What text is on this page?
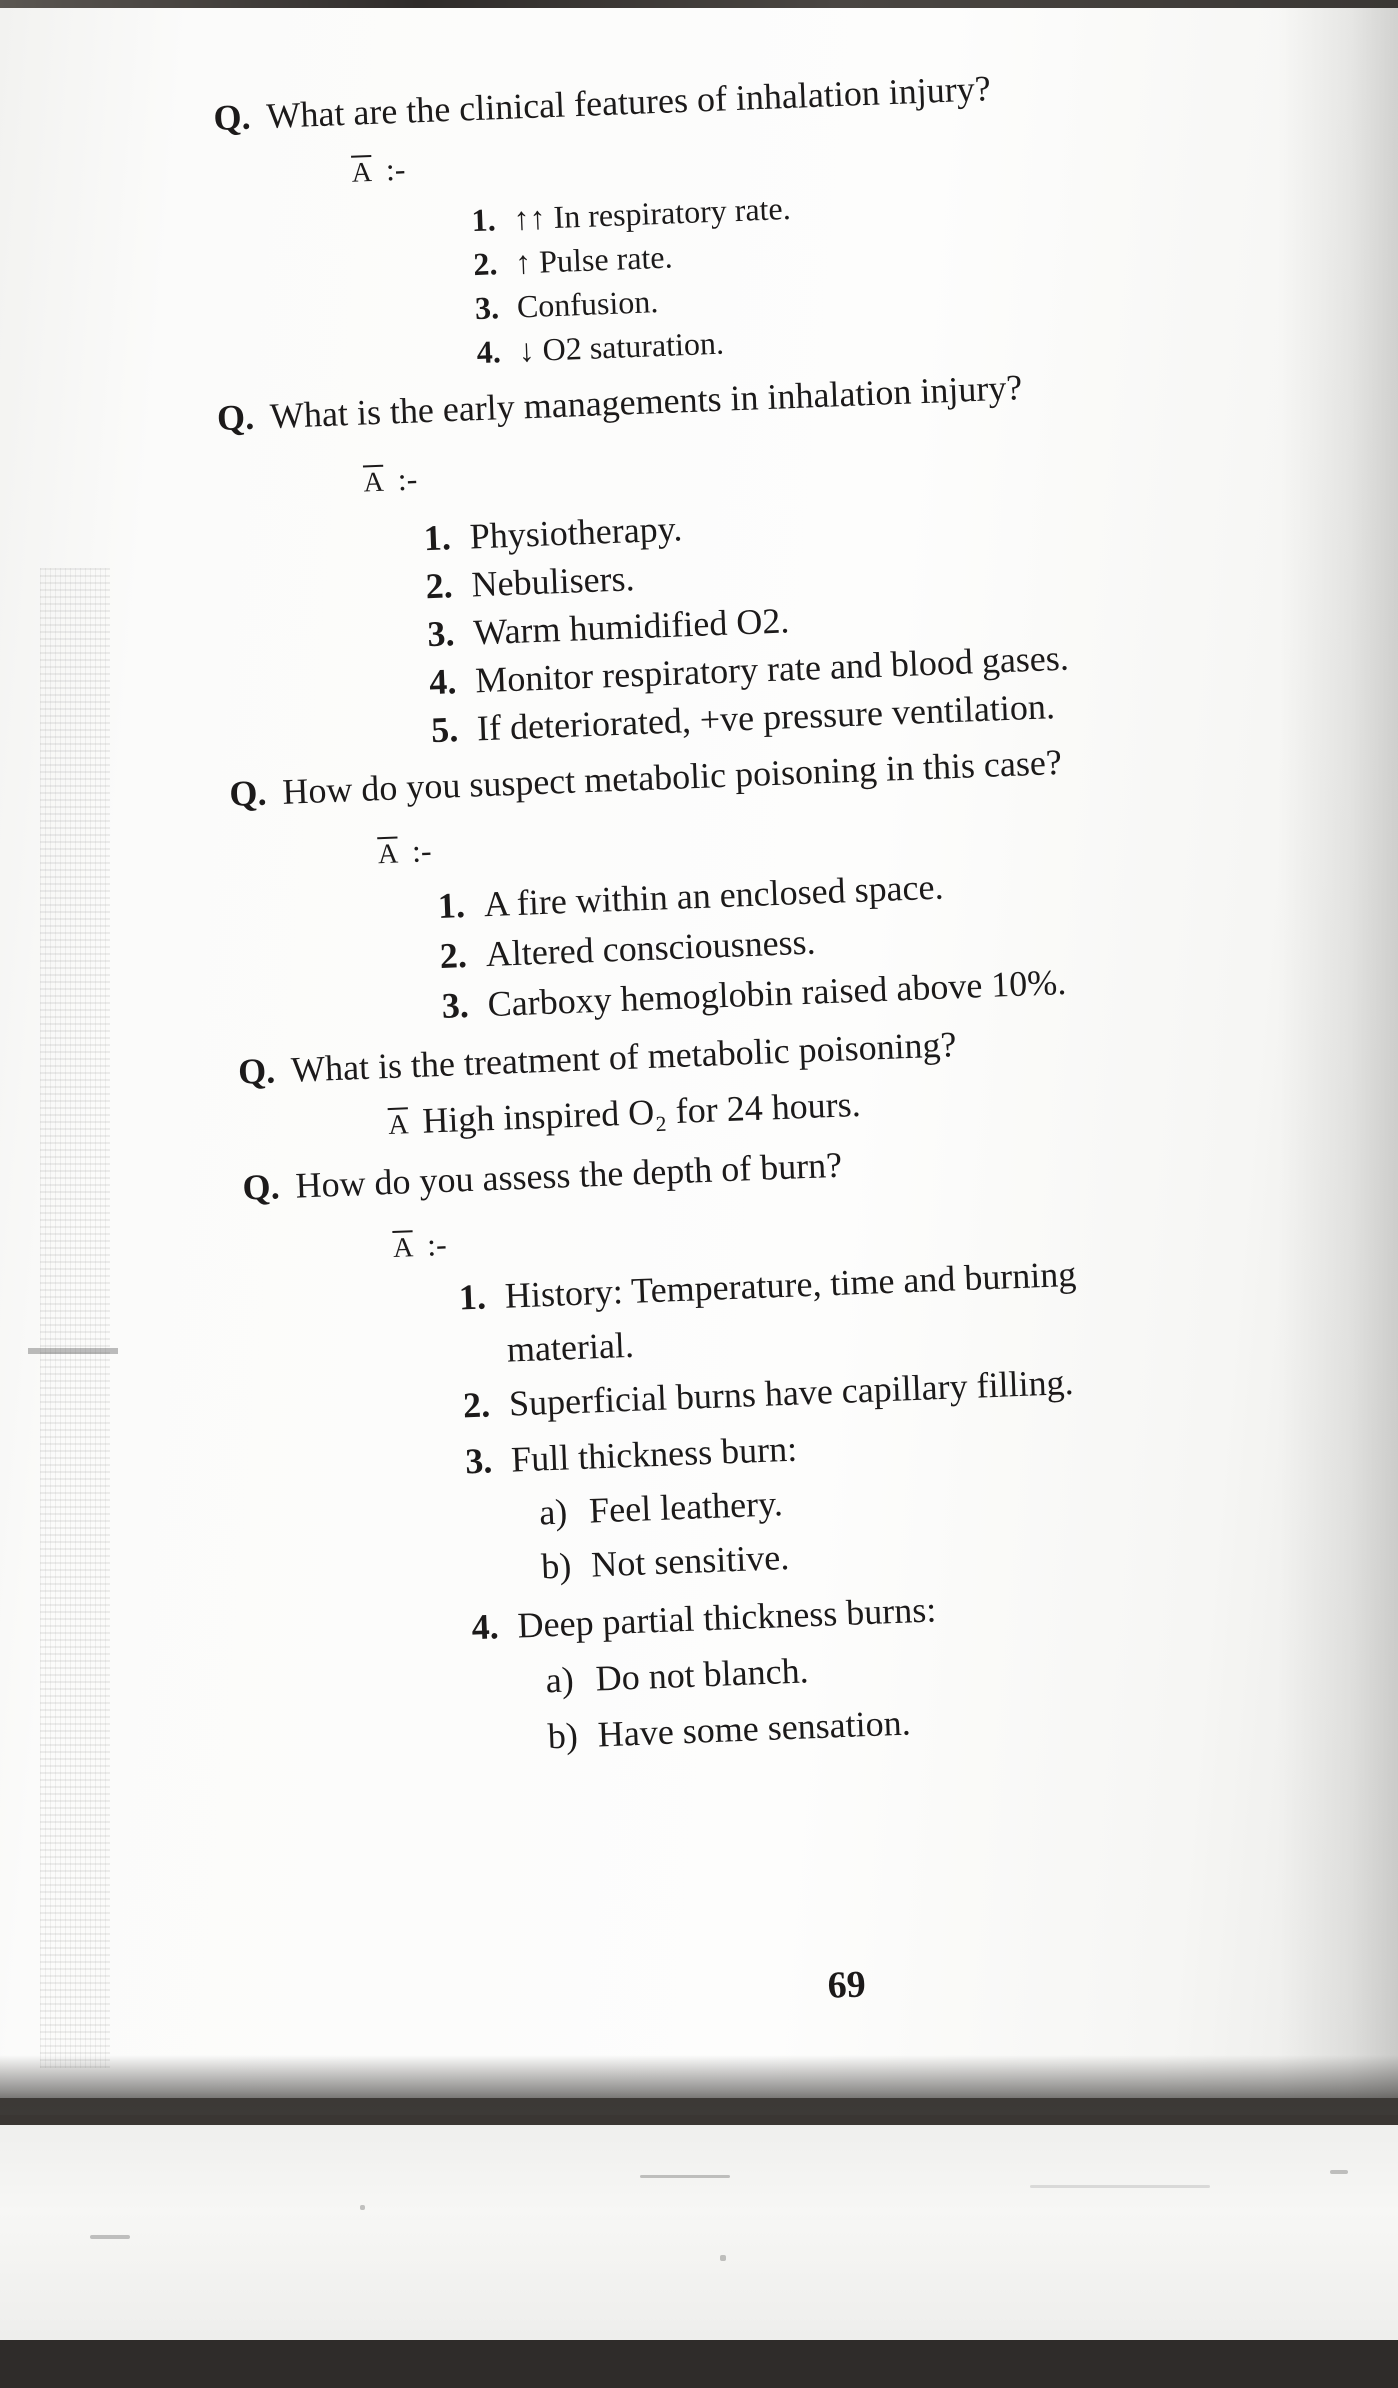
Q. What are the clinical features of inhalation injury?
$\overline{A}$ :-
1. ↑↑ In respiratory rate.
2. ↑ Pulse rate.
3. Confusion.
4. ↓ O2 saturation.
Q. What is the early managements in inhalation injury?
$\overline{A}$ :-
1. Physiotherapy.
2. Nebulisers.
3. Warm humidified O2.
4. Monitor respiratory rate and blood gases.
5. If deteriorated, +ve pressure ventilation.
Q. How do you suspect metabolic poisoning in this case?
$\overline{A}$ :-
1. A fire within an enclosed space.
2. Altered consciousness.
3. Carboxy hemoglobin raised above 10%.
Q. What is the treatment of metabolic poisoning?
$\overline{A}$ High inspired O₂ for 24 hours.
Q. How do you assess the depth of burn?
$\overline{A}$ :-
1. History: Temperature, time and burning
material.
2. Superficial burns have capillary filling.
3. Full thickness burn:
a) Feel leathery.
b) Not sensitive.
4. Deep partial thickness burns:
a) Do not blanch.
b) Have some sensation.
69
